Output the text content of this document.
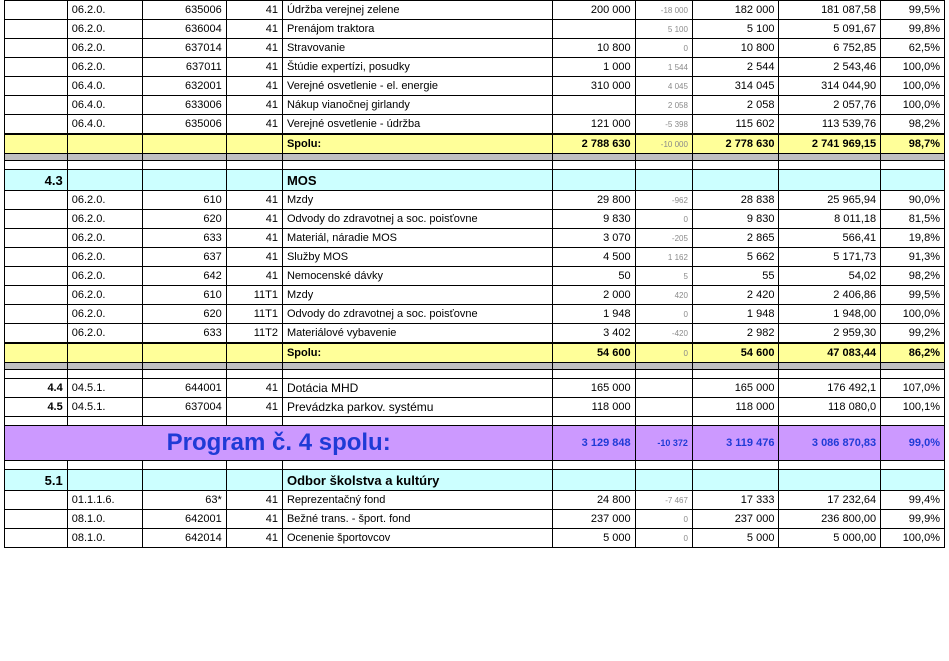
	06.2.0.	635006	41	Údržba verejnej zelene	200 000	-18 000	182 000	181 087,58	99,5%
	06.2.0.	636004	41	Prenájom traktora		5 100	5 100	5 091,67	99,8%
	06.2.0.	637014	41	Stravovanie	10 800	0	10 800	6 752,85	62,5%
	06.2.0.	637011	41	Štúdie expertízi, posudky	1 000	1 544	2 544	2 543,46	100,0%
	06.4.0.	632001	41	Verejné osvetlenie - el. energie	310 000	4 045	314 045	314 044,90	100,0%
	06.4.0.	633006	41	Nákup vianočnej girlandy		2 058	2 058	2 057,76	100,0%
	06.4.0.	635006	41	Verejné osvetlenie - údržba	121 000	-5 398	115 602	113 539,76	98,2%
				Spolu:	2 788 630	-10 000	2 778 630	2 741 969,15	98,7%

4.3				MOS					
	06.2.0.	610	41	Mzdy	29 800	-962	28 838	25 965,94	90,0%
	06.2.0.	620	41	Odvody do zdravotnej a soc. poisťovne	9 830	0	9 830	8 011,18	81,5%
	06.2.0.	633	41	Materiál, náradie MOS	3 070	-205	2 865	566,41	19,8%
	06.2.0.	637	41	Služby MOS	4 500	1 162	5 662	5 171,73	91,3%
	06.2.0.	642	41	Nemocenské dávky	50	5	55	54,02	98,2%
	06.2.0.	610	11T1	Mzdy	2 000	420	2 420	2 406,86	99,5%
	06.2.0.	620	11T1	Odvody do zdravotnej a soc. poisťovne	1 948	0	1 948	1 948,00	100,0%
	06.2.0.	633	11T2	Materiálové vybavenie	3 402	-420	2 982	2 959,30	99,2%
				Spolu:	54 600	0	54 600	47 083,44	86,2%

4.4	04.5.1.	644001	41	Dotácia MHD	165 000		165 000	176 492,1	107,0%
4.5	04.5.1.	637004	41	Prevádzka parkov. systému	118 000		118 000	118 080,0	100,1%

Program č. 4 spolu:					3 129 848	-10 372	3 119 476	3 086 870,83	99,0%

5.1				Odbor školstva a kultúry					
	01.1.1.6.	63*	41	Reprezentačný fond	24 800	-7 467	17 333	17 232,64	99,4%
	08.1.0.	642001	41	Bežné trans. - šport. fond	237 000	0	237 000	236 800,00	99,9%
	08.1.0.	642014	41	Ocenenie športovcov	5 000	0	5 000	5 000,00	100,0%
